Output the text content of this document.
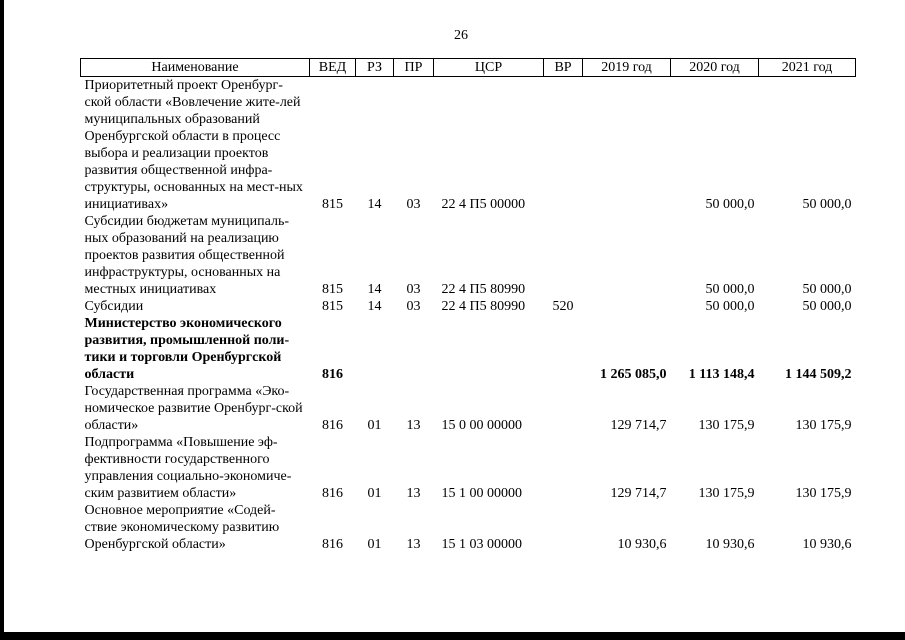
26
Наименование	ВЕД	РЗ	ПР	ЦСР	ВР	2019 год	2020 год	2021 год
Приоритетный проект Оренбург-ской области «Вовлечение жите-лей муниципальных образований Оренбургской области в процесс выбора и реализации проектов развития общественной инфра-структуры, основанных на мест-ных инициативах»	815	14	03	22 4 П5 00000			50 000,0	50 000,0
Субсидии бюджетам муниципаль-ных образований на реализацию проектов развития общественной инфраструктуры, основанных на местных инициативах	815	14	03	22 4 П5 80990			50 000,0	50 000,0
Субсидии	815	14	03	22 4 П5 80990	520		50 000,0	50 000,0
Министерство экономического развития, промышленной поли-тики и торговли Оренбургской области	816					1 265 085,0	1 113 148,4	1 144 509,2
Государственная программа «Эко-номическое развитие Оренбург-ской области»	816	01	13	15 0 00 00000		129 714,7	130 175,9	130 175,9
Подпрограмма «Повышение эф-фективности государственного управления социально-экономиче-ским развитием области»	816	01	13	15 1 00 00000		129 714,7	130 175,9	130 175,9
Основное мероприятие «Содей-ствие экономическому развитию Оренбургской области»	816	01	13	15 1 03 00000		10 930,6	10 930,6	10 930,6
